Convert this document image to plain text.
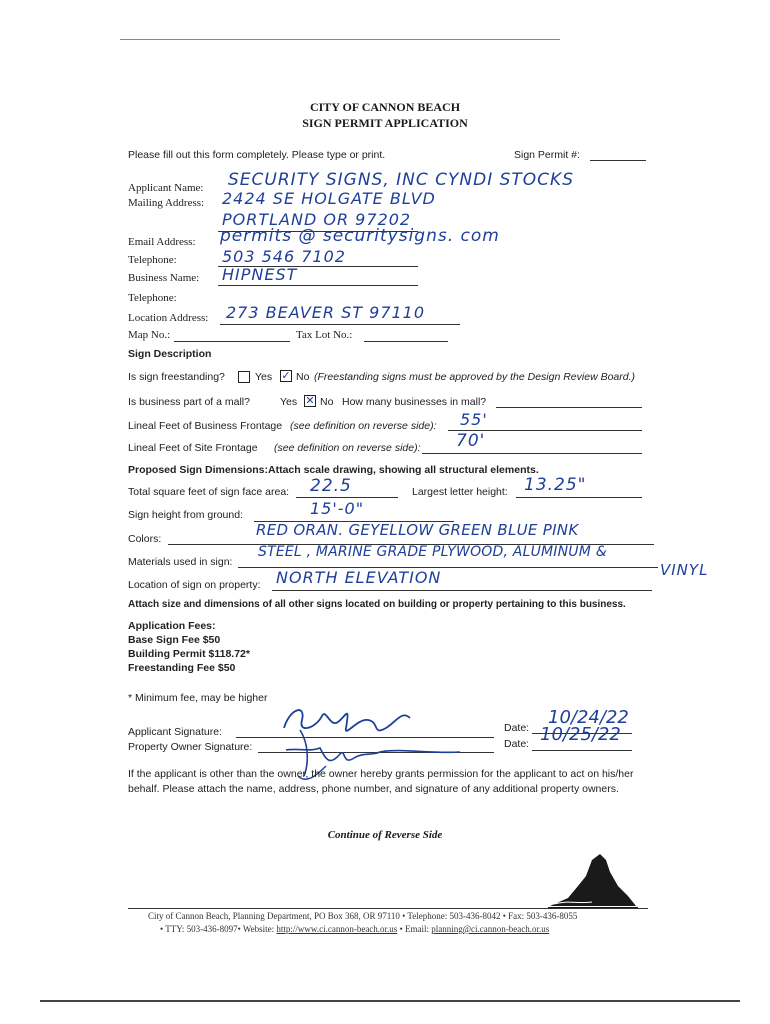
CITY OF CANNON BEACH
SIGN PERMIT APPLICATION
Please fill out this form completely. Please type or print.	Sign Permit #:
Applicant Name: SECURITY SIGNS, INC CYNDI STOCKS
Mailing Address: 2424 SE HOLGATE BLVD
PORTLAND OR 97202
Email Address: permits @ securitysigns. com
Telephone:	503 546 7102
Business Name: HIPNEST
Telephone:
Location Address: 273 BEAVER ST 97110
Map No.:	Tax Lot No.:
Sign Description
Is sign freestanding?	Yes ✓ No (Freestanding signs must be approved by the Design Review Board.)
Is business part of a mall?	Yes ✕ No How many businesses in mall?
Lineal Feet of Business Frontage (see definition on reverse side): 55'
Lineal Feet of Site Frontage (see definition on reverse side): 70'
Proposed Sign Dimensions: Attach scale drawing, showing all structural elements.
Total square feet of sign face area: 22.5	Largest letter height: 13.25"
Sign height from ground:	15'-0"
Colors:	RED ORAN. GEYELLOW GREEN BLUE PINK
Materials used in sign:
STEEL , MARINE GRADE PLYWOOD, ALUMINUM &
VINYL
Location of sign on property: NORTH ELEVATION
Attach size and dimensions of all other signs located on building or property pertaining to this business.
Application Fees:
Base Sign Fee $50
Building Permit $118.72*
Freestanding Fee $50
* Minimum fee, may be higher
Applicant Signature:	Date: 10/24/22
Property Owner Signature:	Date: 10/25/22
If the applicant is other than the owner, the owner hereby grants permission for the applicant to act on his/her behalf. Please attach the name, address, phone number, and signature of any additional property owners.
Continue of Reverse Side
City of Cannon Beach, Planning Department, PO Box 368, OR 97110 • Telephone: 503-436-8042 • Fax: 503-436-8055
• TTY: 503-436-8097• Website: http://www.ci.cannon-beach.or.us • Email: planning@ci.cannon-beach.or.us
